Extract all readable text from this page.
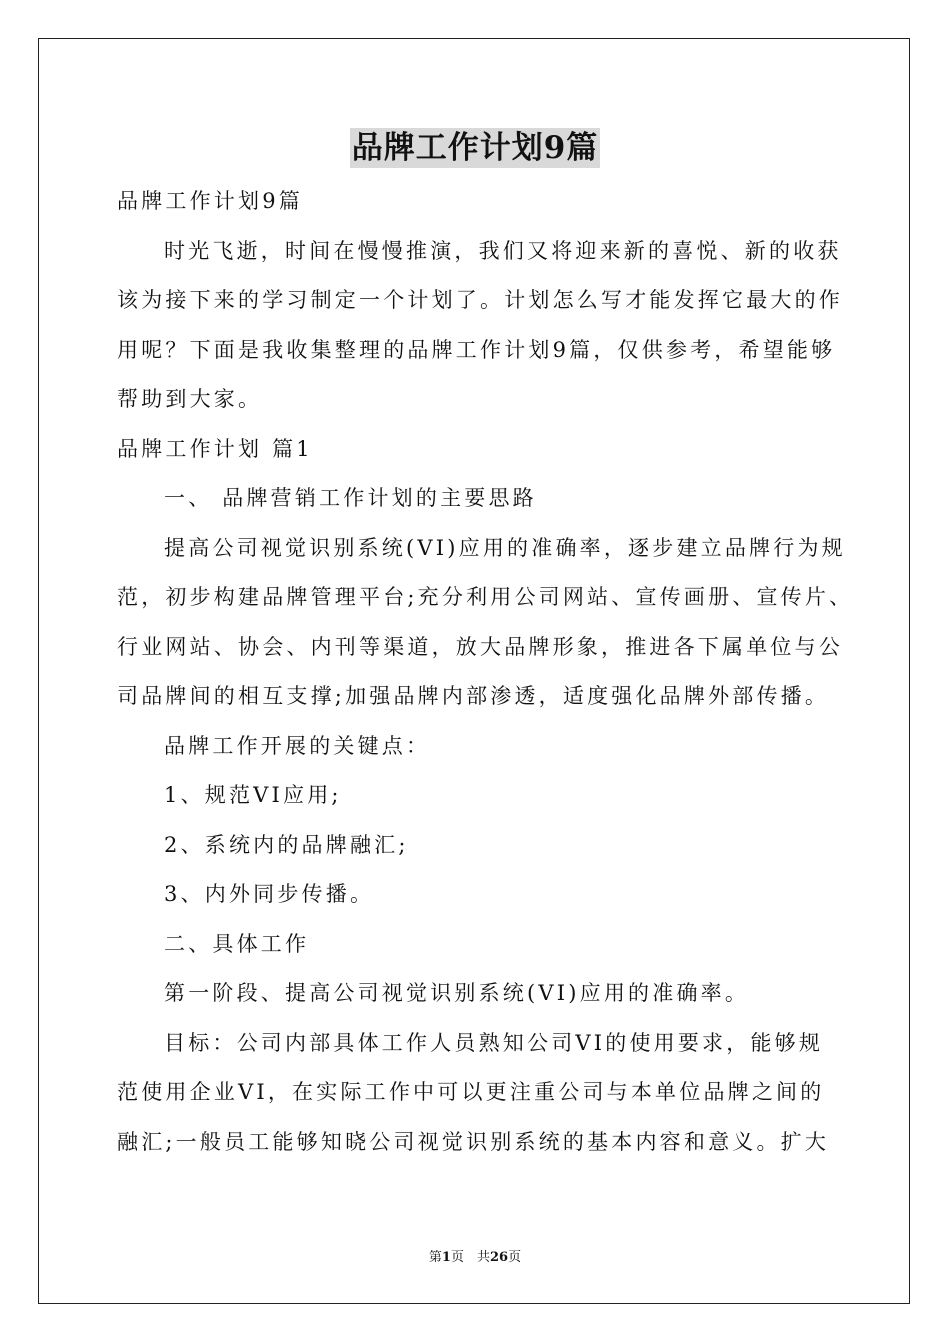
品牌工作计划9篇
品牌工作计划9篇
时光飞逝，时间在慢慢推演，我们又将迎来新的喜悦、新的收获
该为接下来的学习制定一个计划了。计划怎么写才能发挥它最大的作
用呢？下面是我收集整理的品牌工作计划9篇，仅供参考，希望能够
帮助到大家。
品牌工作计划 篇1
一、 品牌营销工作计划的主要思路
提高公司视觉识别系统(VI)应用的准确率，逐步建立品牌行为规
范，初步构建品牌管理平台;充分利用公司网站、宣传画册、宣传片、
行业网站、协会、内刊等渠道，放大品牌形象，推进各下属单位与公
司品牌间的相互支撑;加强品牌内部渗透，适度强化品牌外部传播。
品牌工作开展的关键点：
1、规范VI应用;
2、系统内的品牌融汇;
3、内外同步传播。
二、具体工作
第一阶段、提高公司视觉识别系统(VI)应用的准确率。
目标：公司内部具体工作人员熟知公司VI的使用要求，能够规
范使用企业VI，在实际工作中可以更注重公司与本单位品牌之间的
融汇;一般员工能够知晓公司视觉识别系统的基本内容和意义。扩大
第1页　共26页
